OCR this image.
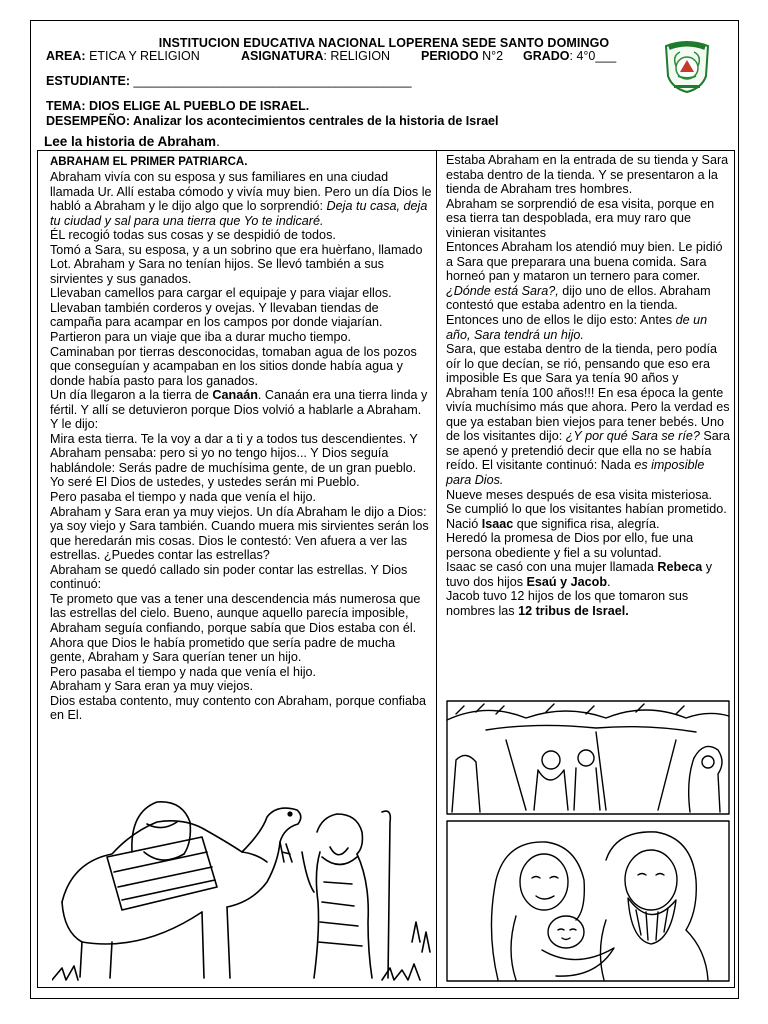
INSTITUCION EDUCATIVA NACIONAL LOPERENA SEDE SANTO DOMINGO
AREA: ETICA Y RELIGION	ASIGNATURA: RELIGION PERIODO N°2 GRADO: 4°0___
ESTUDIANTE: ________________________________________
TEMA: DIOS ELIGE AL PUEBLO DE ISRAEL.
DESEMPEÑO: Analizar los acontecimientos centrales de la historia de Israel
Lee la historia de Abraham.

ABRAHAM EL PRIMER PATRIARCA.

Abraham vivía con su esposa y sus familiares en una ciudad llamada Ur. Allí estaba cómodo y vivía muy bien. Pero un día Dios le habló a Abraham y le dijo algo que lo sorprendió: Deja tu casa, deja tu ciudad y sal para una tierra que Yo te indicaré.

ÉL recogió todas sus cosas y se despidió de todos.

Tomó a Sara, su esposa, y a un sobrino que era huèrfano, llamado Lot. Abraham y Sara no tenían hijos. Se llevó también a sus sirvientes y sus ganados.

Llevaban camellos para cargar el equipaje y para viajar ellos. Llevaban también corderos y ovejas. Y llevaban tiendas de campaña para acampar en los campos por donde viajarían. Partieron para un viaje que iba a durar mucho tiempo.

Caminaban por tierras desconocidas, tomaban agua de los pozos que conseguían y acampaban en los sitios donde había agua y donde había pasto para los ganados.

Un día llegaron a la tierra de Canaán. Canaán era una tierra linda y fértil. Y allí se detuvieron porque Dios volvió a hablarle a Abraham. Y le dijo:

Mira esta tierra. Te la voy a dar a ti y a todos tus descendientes. Y Abraham pensaba: pero si yo no tengo hijos... Y Dios seguía hablándole: Serás padre de muchísima gente, de un gran pueblo. Yo seré El Dios de ustedes, y ustedes serán mi Pueblo.

Pero pasaba el tiempo y nada que venía el hijo.

Abraham y Sara eran ya muy viejos. Un día Abraham le dijo a Dios: ya soy viejo y Sara también. Cuando muera mis sirvientes serán los que heredarán mis cosas. Dios le contestó: Ven afuera a ver las estrellas. ¿Puedes contar las estrellas?

Abraham se quedó callado sin poder contar las estrellas. Y Dios continuó:

Te prometo que vas a tener una descendencia más numerosa que las estrellas del cielo. Bueno, aunque aquello parecía imposible, Abraham seguía confiando, porque sabía que Dios estaba con él.

Ahora que Dios le había prometido que sería padre de mucha gente, Abraham y Sara querían tener un hijo.

Pero pasaba el tiempo y nada que venía el hijo.

Abraham y Sara eran ya muy viejos.

Dios estaba contento, muy contento con Abraham, porque confiaba en El.

Estaba Abraham en la entrada de su tienda y Sara estaba dentro de la tienda. Y se presentaron a la tienda de Abraham tres hombres.

Abraham se sorprendió de esa visita, porque en esa tierra tan despoblada, era muy raro que vinieran visitantes

Entonces Abraham los atendió muy bien. Le pidió a Sara que preparara una buena comida. Sara horneó pan y mataron un ternero para comer.

¿Dónde está Sara?, dijo uno de ellos. Abraham contestó que estaba adentro en la tienda.

Entonces uno de ellos le dijo esto: Antes de un año, Sara tendrá un hijo.

Sara, que estaba dentro de la tienda, pero podía oír lo que decían, se rió, pensando que eso era imposible Es que Sara ya tenía 90 años y Abraham tenía 100 años!!! En esa época la gente vivía muchísimo más que ahora. Pero la verdad es que ya estaban bien viejos para tener bebés. Uno de los visitantes dijo: ¿Y por qué Sara se ríe? Sara se apenó y pretendió decir que ella no se había reído. El visitante continuó: Nada es imposible para Dios.

Nueve meses después de esa visita misteriosa. Se cumplió lo que los visitantes habían prometido. Nació Isaac que significa risa, alegría.

Heredó la promesa de Dios por ello, fue una persona obediente y fiel a su voluntad.

Isaac se casó con una mujer llamada Rebeca y tuvo dos hijos Esaú y Jacob.

Jacob tuvo 12 hijos de los que tomaron sus nombres las 12 tribus de Israel.
